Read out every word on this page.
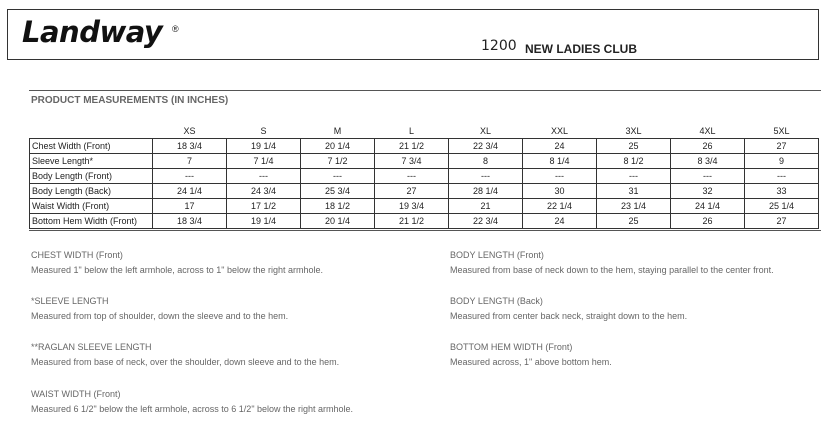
Landway ®
1200 NEW LADIES CLUB
PRODUCT MEASUREMENTS (IN INCHES)
	XS	S	M	L	XL	XXL	3XL	4XL	5XL
Chest Width (Front)	18 3/4	19 1/4	20 1/4	21 1/2	22 3/4	24	25	26	27
Sleeve Length*	7	7 1/4	7 1/2	7 3/4	8	8 1/4	8 1/2	8 3/4	9
Body Length (Front)	---	---	---	---	---	---	---	---	---
Body Length (Back)	24 1/4	24 3/4	25 3/4	27	28 1/4	30	31	32	33
Waist Width (Front)	17	17 1/2	18 1/2	19 3/4	21	22 1/4	23 1/4	24 1/4	25 1/4
Bottom Hem Width (Front)	18 3/4	19 1/4	20 1/4	21 1/2	22 3/4	24	25	26	27
CHEST WIDTH (Front)
Measured 1" below the left armhole, across to 1" below the right armhole.
*SLEEVE LENGTH
Measured from top of shoulder, down the sleeve and to the hem.
**RAGLAN SLEEVE LENGTH
Measured from base of neck, over the shoulder, down sleeve and to the hem.
WAIST WIDTH (Front)
Measured 6 1/2" below the left armhole, across to 6 1/2" below the right armhole.
BODY LENGTH (Front)
Measured from base of neck down to the hem, staying parallel to the center front.
BODY LENGTH (Back)
Measured from center back neck, straight down to the hem.
BOTTOM HEM WIDTH (Front)
Measured across, 1" above bottom hem.
